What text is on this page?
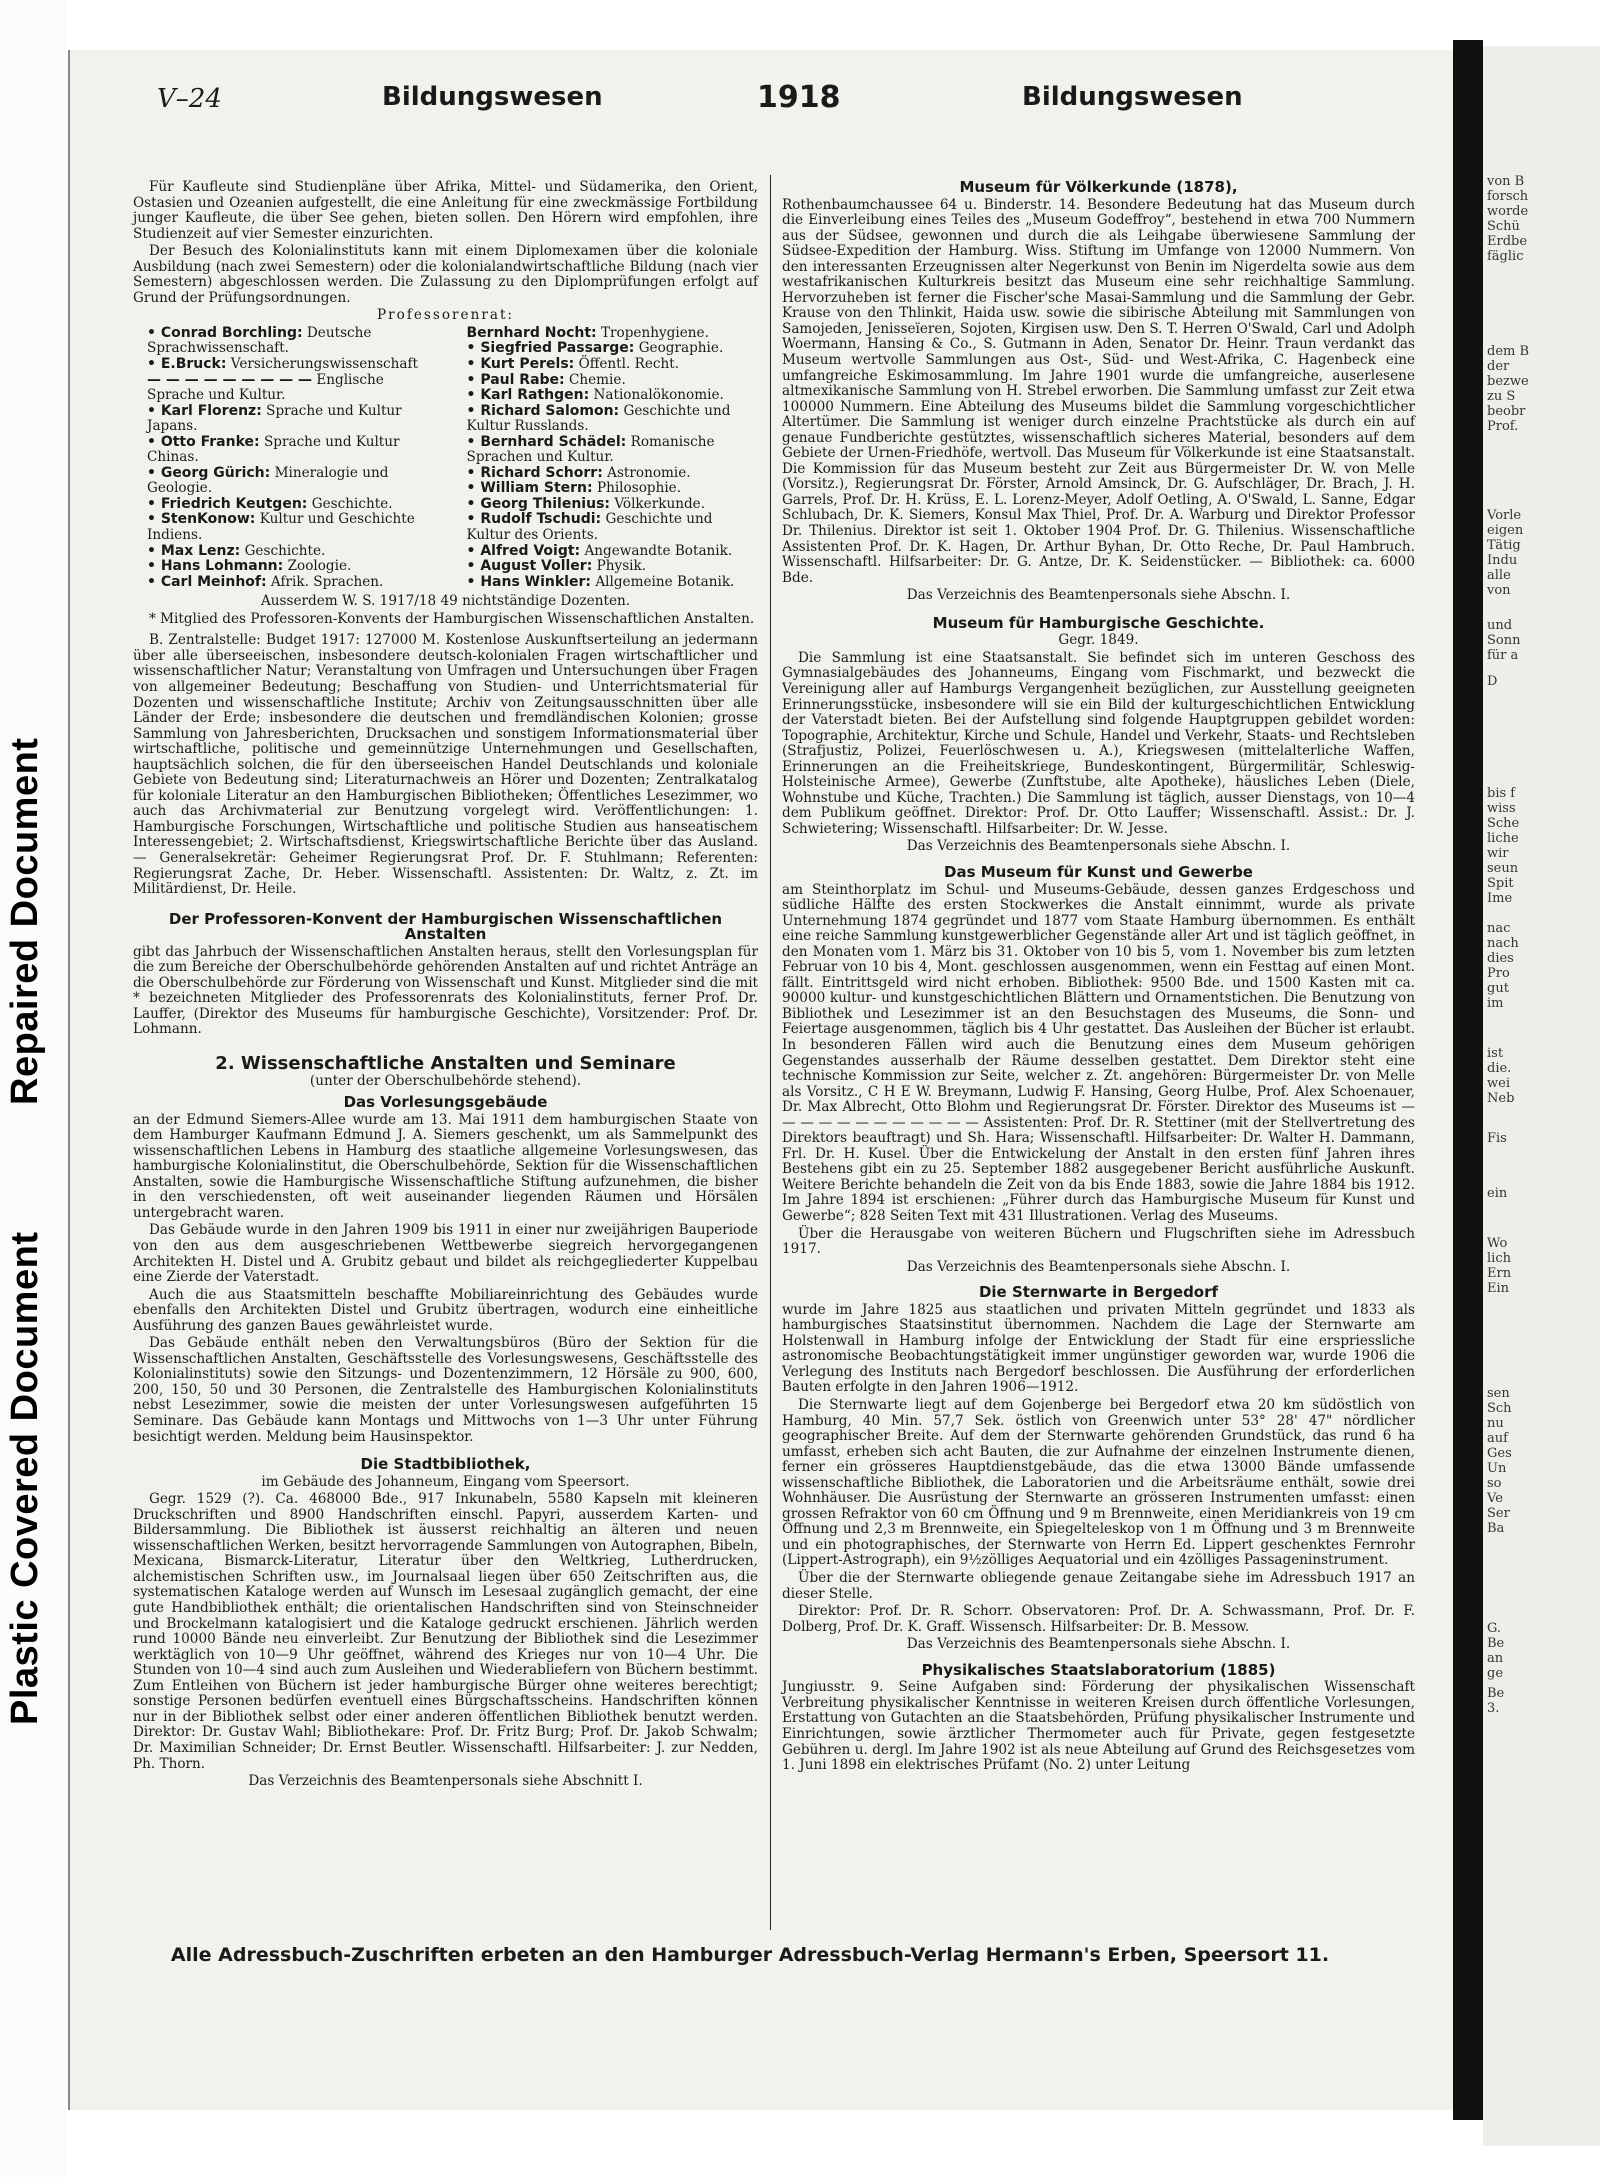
Plastic Covered Document
Repaired Document
von B
forsch
worde
Schü
Erdbe
fäglic
dem B
der
bezwe
zu S
beobr
Prof.
Vorle
eigen
Tätig
Indu
alle
von
und
Sonn
für a
D
bis f
wiss
Sche
liche
wir
seun
Spit
Ime
nac
nach
dies
Pro
gut
im
ist
die.
wei
Neb
Fis
ein
Wo
lich
Ern
Ein
sen
Sch
nu
auf
Ges
Un
so
Ve
Ser
Ba
G.
Be
an
ge
Be
3.
V–24	Bildungswesen	1918	Bildungswesen

Für Kaufleute sind Studienpläne über Afrika, Mittel- und Südamerika, den Orient, Ostasien und Ozeanien aufgestellt, die eine Anleitung für eine zweckmässige Fortbildung junger Kaufleute, die über See gehen, bieten sollen. Den Hörern wird empfohlen, ihre Studienzeit auf vier Semester einzurichten.

Der Besuch des Kolonialinstituts kann mit einem Diplomexamen über die koloniale Ausbildung (nach zwei Semestern) oder die kolonialandwirtschaftliche Bildung (nach vier Semestern) abgeschlossen werden. Die Zulassung zu den Diplomprüfungen erfolgt auf Grund der Prüfungsordnungen.

Professorenrat:

• Conrad Borchling: Deutsche Sprachwissenschaft.
• E.Bruck: Versicherungswissenschaft
— — — — — — — — — Englische Sprache und Kultur.
• Karl Florenz: Sprache und Kultur Japans.
• Otto Franke: Sprache und Kultur Chinas.
• Georg Gürich: Mineralogie und Geologie.
• Friedrich Keutgen: Geschichte.
• StenKonow: Kultur und Geschichte Indiens.
• Max Lenz: Geschichte.
• Hans Lohmann: Zoologie.
• Carl Meinhof: Afrik. Sprachen.
Bernhard Nocht: Tropenhygiene.
• Siegfried Passarge: Geographie.
• Kurt Perels: Öffentl. Recht.
• Paul Rabe: Chemie.
• Karl Rathgen: Nationalökonomie.
• Richard Salomon: Geschichte und Kultur Russlands.
• Bernhard Schädel: Romanische Sprachen und Kultur.
• Richard Schorr: Astronomie.
• William Stern: Philosophie.
• Georg Thilenius: Völkerkunde.
• Rudolf Tschudi: Geschichte und Kultur des Orients.
• Alfred Voigt: Angewandte Botanik.
• August Voller: Physik.
• Hans Winkler: Allgemeine Botanik.

Ausserdem W. S. 1917/18 49 nichtständige Dozenten.

* Mitglied des Professoren-Konvents der Hamburgischen Wissenschaftlichen Anstalten.

B. Zentralstelle: Budget 1917: 127000 M. Kostenlose Auskunftserteilung an jedermann über alle überseeischen, insbesondere deutsch-kolonialen Fragen wirtschaftlicher und wissenschaftlicher Natur; Veranstaltung von Umfragen und Untersuchungen über Fragen von allgemeiner Bedeutung; Beschaffung von Studien- und Unterrichtsmaterial für Dozenten und wissenschaftliche Institute; Archiv von Zeitungsausschnitten über alle Länder der Erde; insbesondere die deutschen und fremdländischen Kolonien; grosse Sammlung von Jahresberichten, Drucksachen und sonstigem Informationsmaterial über wirtschaftliche, politische und gemeinnützige Unternehmungen und Gesellschaften, hauptsächlich solchen, die für den überseeischen Handel Deutschlands und koloniale Gebiete von Bedeutung sind; Literaturnachweis an Hörer und Dozenten; Zentralkatalog für koloniale Literatur an den Hamburgischen Bibliotheken; Öffentliches Lesezimmer, wo auch das Archivmaterial zur Benutzung vorgelegt wird. Veröffentlichungen: 1. Hamburgische Forschungen, Wirtschaftliche und politische Studien aus hanseatischem Interessengebiet; 2. Wirtschaftsdienst, Kriegswirtschaftliche Berichte über das Ausland. — Generalsekretär: Geheimer Regierungsrat Prof. Dr. F. Stuhlmann; Referenten: Regierungsrat Zache, Dr. Heber. Wissenschaftl. Assistenten: Dr. Waltz, z. Zt. im Militärdienst, Dr. Heile.

Der Professoren-Konvent der Hamburgischen Wissenschaftlichen Anstalten

gibt das Jahrbuch der Wissenschaftlichen Anstalten heraus, stellt den Vorlesungsplan für die zum Bereiche der Oberschulbehörde gehörenden Anstalten auf und richtet Anträge an die Oberschulbehörde zur Förderung von Wissenschaft und Kunst. Mitglieder sind die mit * bezeichneten Mitglieder des Professorenrats des Kolonialinstituts, ferner Prof. Dr. Lauffer, (Direktor des Museums für hamburgische Geschichte), Vorsitzender: Prof. Dr. Lohmann.

2. Wissenschaftliche Anstalten und Seminare

(unter der Oberschulbehörde stehend).

Das Vorlesungsgebäude

an der Edmund Siemers-Allee wurde am 13. Mai 1911 dem hamburgischen Staate von dem Hamburger Kaufmann Edmund J. A. Siemers geschenkt, um als Sammelpunkt des wissenschaftlichen Lebens in Hamburg des staatliche allgemeine Vorlesungswesen, das hamburgische Kolonialinstitut, die Oberschulbehörde, Sektion für die Wissenschaftlichen Anstalten, sowie die Hamburgische Wissenschaftliche Stiftung aufzunehmen, die bisher in den verschiedensten, oft weit auseinander liegenden Räumen und Hörsälen untergebracht waren.

Das Gebäude wurde in den Jahren 1909 bis 1911 in einer nur zweijährigen Bauperiode von den aus dem ausgeschriebenen Wettbewerbe siegreich hervorgegangenen Architekten H. Distel und A. Grubitz gebaut und bildet als reichgegliederter Kuppelbau eine Zierde der Vaterstadt.

Auch die aus Staatsmitteln beschaffte Mobiliareinrichtung des Gebäudes wurde ebenfalls den Architekten Distel und Grubitz übertragen, wodurch eine einheitliche Ausführung des ganzen Baues gewährleistet wurde.

Das Gebäude enthält neben den Verwaltungsbüros (Büro der Sektion für die Wissenschaftlichen Anstalten, Geschäftsstelle des Vorlesungswesens, Geschäftsstelle des Kolonialinstituts) sowie den Sitzungs- und Dozentenzimmern, 12 Hörsäle zu 900, 600, 200, 150, 50 und 30 Personen, die Zentralstelle des Hamburgischen Kolonialinstituts nebst Lesezimmer, sowie die meisten der unter Vorlesungswesen aufgeführten 15 Seminare. Das Gebäude kann Montags und Mittwochs von 1—3 Uhr unter Führung besichtigt werden. Meldung beim Hausinspektor.

Die Stadtbibliothek,

im Gebäude des Johanneum, Eingang vom Speersort.

Gegr. 1529 (?). Ca. 468000 Bde., 917 Inkunabeln, 5580 Kapseln mit kleineren Druckschriften und 8900 Handschriften einschl. Papyri, ausserdem Karten- und Bildersammlung. Die Bibliothek ist äusserst reichhaltig an älteren und neuen wissenschaftlichen Werken, besitzt hervorragende Sammlungen von Autographen, Bibeln, Mexicana, Bismarck-Literatur, Literatur über den Weltkrieg, Lutherdrucken, alchemistischen Schriften usw., im Journalsaal liegen über 650 Zeitschriften aus, die systematischen Kataloge werden auf Wunsch im Lesesaal zugänglich gemacht, der eine gute Handbibliothek enthält; die orientalischen Handschriften sind von Steinschneider und Brockelmann katalogisiert und die Kataloge gedruckt erschienen. Jährlich werden rund 10000 Bände neu einverleibt. Zur Benutzung der Bibliothek sind die Lesezimmer werktäglich von 10—9 Uhr geöffnet, während des Krieges nur von 10—4 Uhr. Die Stunden von 10—4 sind auch zum Ausleihen und Wiederabliefern von Büchern bestimmt. Zum Entleihen von Büchern ist jeder hamburgische Bürger ohne weiteres berechtigt; sonstige Personen bedürfen eventuell eines Bürgschaftsscheins. Handschriften können nur in der Bibliothek selbst oder einer anderen öffentlichen Bibliothek benutzt werden. Direktor: Dr. Gustav Wahl; Bibliothekare: Prof. Dr. Fritz Burg; Prof. Dr. Jakob Schwalm; Dr. Maximilian Schneider; Dr. Ernst Beutler. Wissenschaftl. Hilfsarbeiter: J. zur Nedden, Ph. Thorn.

Das Verzeichnis des Beamtenpersonals siehe Abschnitt I.

Museum für Völkerkunde (1878),

Rothenbaumchaussee 64 u. Binderstr. 14. Besondere Bedeutung hat das Museum durch die Einverleibung eines Teiles des „Museum Godeffroy“, bestehend in etwa 700 Nummern aus der Südsee, gewonnen und durch die als Leihgabe überwiesene Sammlung der Südsee-Expedition der Hamburg. Wiss. Stiftung im Umfange von 12000 Nummern. Von den interessanten Erzeugnissen alter Negerkunst von Benin im Nigerdelta sowie aus dem westafrikanischen Kulturkreis besitzt das Museum eine sehr reichhaltige Sammlung. Hervorzuheben ist ferner die Fischer'sche Masai-Sammlung und die Sammlung der Gebr. Krause von den Thlinkit, Haida usw. sowie die sibirische Abteilung mit Sammlungen von Samojeden, Jenisseïeren, Sojoten, Kirgisen usw. Den S. T. Herren O'Swald, Carl und Adolph Woermann, Hansing & Co., S. Gutmann in Aden, Senator Dr. Heinr. Traun verdankt das Museum wertvolle Sammlungen aus Ost-, Süd- und West-Afrika, C. Hagenbeck eine umfangreiche Eskimosammlung. Im Jahre 1901 wurde die umfangreiche, auserlesene altmexikanische Sammlung von H. Strebel erworben. Die Sammlung umfasst zur Zeit etwa 100000 Nummern. Eine Abteilung des Museums bildet die Sammlung vorgeschichtlicher Altertümer. Die Sammlung ist weniger durch einzelne Prachtstücke als durch ein auf genaue Fundberichte gestütztes, wissenschaftlich sicheres Material, besonders auf dem Gebiete der Urnen-Friedhöfe, wertvoll. Das Museum für Völkerkunde ist eine Staatsanstalt. Die Kommission für das Museum besteht zur Zeit aus Bürgermeister Dr. W. von Melle (Vorsitz.), Regierungsrat Dr. Förster, Arnold Amsinck, Dr. G. Aufschläger, Dr. Brach, J. H. Garrels, Prof. Dr. H. Krüss, E. L. Lorenz-Meyer, Adolf Oetling, A. O'Swald, L. Sanne, Edgar Schlubach, Dr. K. Siemers, Konsul Max Thiel, Prof. Dr. A. Warburg und Direktor Professor Dr. Thilenius. Direktor ist seit 1. Oktober 1904 Prof. Dr. G. Thilenius. Wissenschaftliche Assistenten Prof. Dr. K. Hagen, Dr. Arthur Byhan, Dr. Otto Reche, Dr. Paul Hambruch. Wissenschaftl. Hilfsarbeiter: Dr. G. Antze, Dr. K. Seidenstücker. — Bibliothek: ca. 6000 Bde.

Das Verzeichnis des Beamtenpersonals siehe Abschn. I.

Museum für Hamburgische Geschichte.

Gegr. 1849.

Die Sammlung ist eine Staatsanstalt. Sie befindet sich im unteren Geschoss des Gymnasialgebäudes des Johanneums, Eingang vom Fischmarkt, und bezweckt die Vereinigung aller auf Hamburgs Vergangenheit bezüglichen, zur Ausstellung geeigneten Erinnerungsstücke, insbesondere will sie ein Bild der kulturgeschichtlichen Entwicklung der Vaterstadt bieten. Bei der Aufstellung sind folgende Hauptgruppen gebildet worden: Topographie, Architektur, Kirche und Schule, Handel und Verkehr, Staats- und Rechtsleben (Strafjustiz, Polizei, Feuerlöschwesen u. A.), Kriegswesen (mittelalterliche Waffen, Erinnerungen an die Freiheitskriege, Bundeskontingent, Bürgermilitär, Schleswig-Holsteinische Armee), Gewerbe (Zunftstube, alte Apotheke), häusliches Leben (Diele, Wohnstube und Küche, Trachten.) Die Sammlung ist täglich, ausser Dienstags, von 10—4 dem Publikum geöffnet. Direktor: Prof. Dr. Otto Lauffer; Wissenschaftl. Assist.: Dr. J. Schwietering; Wissenschaftl. Hilfsarbeiter: Dr. W. Jesse.

Das Verzeichnis des Beamtenpersonals siehe Abschn. I.

Das Museum für Kunst und Gewerbe

am Steinthorplatz im Schul- und Museums-Gebäude, dessen ganzes Erdgeschoss und südliche Hälfte des ersten Stockwerkes die Anstalt einnimmt, wurde als private Unternehmung 1874 gegründet und 1877 vom Staate Hamburg übernommen. Es enthält eine reiche Sammlung kunstgewerblicher Gegenstände aller Art und ist täglich geöffnet, in den Monaten vom 1. März bis 31. Oktober von 10 bis 5, vom 1. November bis zum letzten Februar von 10 bis 4, Mont. geschlossen ausgenommen, wenn ein Festtag auf einen Mont. fällt. Eintrittsgeld wird nicht erhoben. Bibliothek: 9500 Bde. und 1500 Kasten mit ca. 90000 kultur- und kunstgeschichtlichen Blättern und Ornamentstichen. Die Benutzung von Bibliothek und Lesezimmer ist an den Besuchstagen des Museums, die Sonn- und Feiertage ausgenommen, täglich bis 4 Uhr gestattet. Das Ausleihen der Bücher ist erlaubt. In besonderen Fällen wird auch die Benutzung eines dem Museum gehörigen Gegenstandes ausserhalb der Räume desselben gestattet. Dem Direktor steht eine technische Kommission zur Seite, welcher z. Zt. angehören: Bürgermeister Dr. von Melle als Vorsitz., C H E W. Breymann, Ludwig F. Hansing, Georg Hulbe, Prof. Alex Schoenauer, Dr. Max Albrecht, Otto Blohm und Regierungsrat Dr. Förster. Direktor des Museums ist — — — — — — — — — — — — Assistenten: Prof. Dr. R. Stettiner (mit der Stellvertretung des Direktors beauftragt) und Sh. Hara; Wissenschaftl. Hilfsarbeiter: Dr. Walter H. Dammann, Frl. Dr. H. Kusel. Über die Entwickelung der Anstalt in den ersten fünf Jahren ihres Bestehens gibt ein zu 25. September 1882 ausgegebener Bericht ausführliche Auskunft. Weitere Berichte behandeln die Zeit von da bis Ende 1883, sowie die Jahre 1884 bis 1912. Im Jahre 1894 ist erschienen: „Führer durch das Hamburgische Museum für Kunst und Gewerbe“; 828 Seiten Text mit 431 Illustrationen. Verlag des Museums.

Über die Herausgabe von weiteren Büchern und Flugschriften siehe im Adressbuch 1917.

Das Verzeichnis des Beamtenpersonals siehe Abschn. I.

Die Sternwarte in Bergedorf

wurde im Jahre 1825 aus staatlichen und privaten Mitteln gegründet und 1833 als hamburgisches Staatsinstitut übernommen. Nachdem die Lage der Sternwarte am Holstenwall in Hamburg infolge der Entwicklung der Stadt für eine erspriessliche astronomische Beobachtungstätigkeit immer ungünstiger geworden war, wurde 1906 die Verlegung des Instituts nach Bergedorf beschlossen. Die Ausführung der erforderlichen Bauten erfolgte in den Jahren 1906—1912.

Die Sternwarte liegt auf dem Gojenberge bei Bergedorf etwa 20 km südöstlich von Hamburg, 40 Min. 57,7 Sek. östlich von Greenwich unter 53° 28' 47" nördlicher geographischer Breite. Auf dem der Sternwarte gehörenden Grundstück, das rund 6 ha umfasst, erheben sich acht Bauten, die zur Aufnahme der einzelnen Instrumente dienen, ferner ein grösseres Hauptdienstgebäude, das die etwa 13000 Bände umfassende wissenschaftliche Bibliothek, die Laboratorien und die Arbeitsräume enthält, sowie drei Wohnhäuser. Die Ausrüstung der Sternwarte an grösseren Instrumenten umfasst: einen grossen Refraktor von 60 cm Öffnung und 9 m Brennweite, einen Meridiankreis von 19 cm Öffnung und 2,3 m Brennweite, ein Spiegelteleskop von 1 m Öffnung und 3 m Brennweite und ein photographisches, der Sternwarte von Herrn Ed. Lippert geschenktes Fernrohr (Lippert-Astrograph), ein 9½zölliges Aequatorial und ein 4zölliges Passageninstrument.

Über die der Sternwarte obliegende genaue Zeitangabe siehe im Adressbuch 1917 an dieser Stelle.

Direktor: Prof. Dr. R. Schorr. Observatoren: Prof. Dr. A. Schwassmann, Prof. Dr. F. Dolberg, Prof. Dr. K. Graff. Wissensch. Hilfsarbeiter: Dr. B. Messow.

Das Verzeichnis des Beamtenpersonals siehe Abschn. I.

Physikalisches Staatslaboratorium (1885)

Jungiusstr. 9. Seine Aufgaben sind: Förderung der physikalischen Wissenschaft Verbreitung physikalischer Kenntnisse in weiteren Kreisen durch öffentliche Vorlesungen, Erstattung von Gutachten an die Staatsbehörden, Prüfung physikalischer Instrumente und Einrichtungen, sowie ärztlicher Thermometer auch für Private, gegen festgesetzte Gebühren u. dergl. Im Jahre 1902 ist als neue Abteilung auf Grund des Reichsgesetzes vom 1. Juni 1898 ein elektrisches Prüfamt (No. 2) unter Leitung

Alle Adressbuch-Zuschriften erbeten an den Hamburger Adressbuch-Verlag Hermann's Erben, Speersort 11.
